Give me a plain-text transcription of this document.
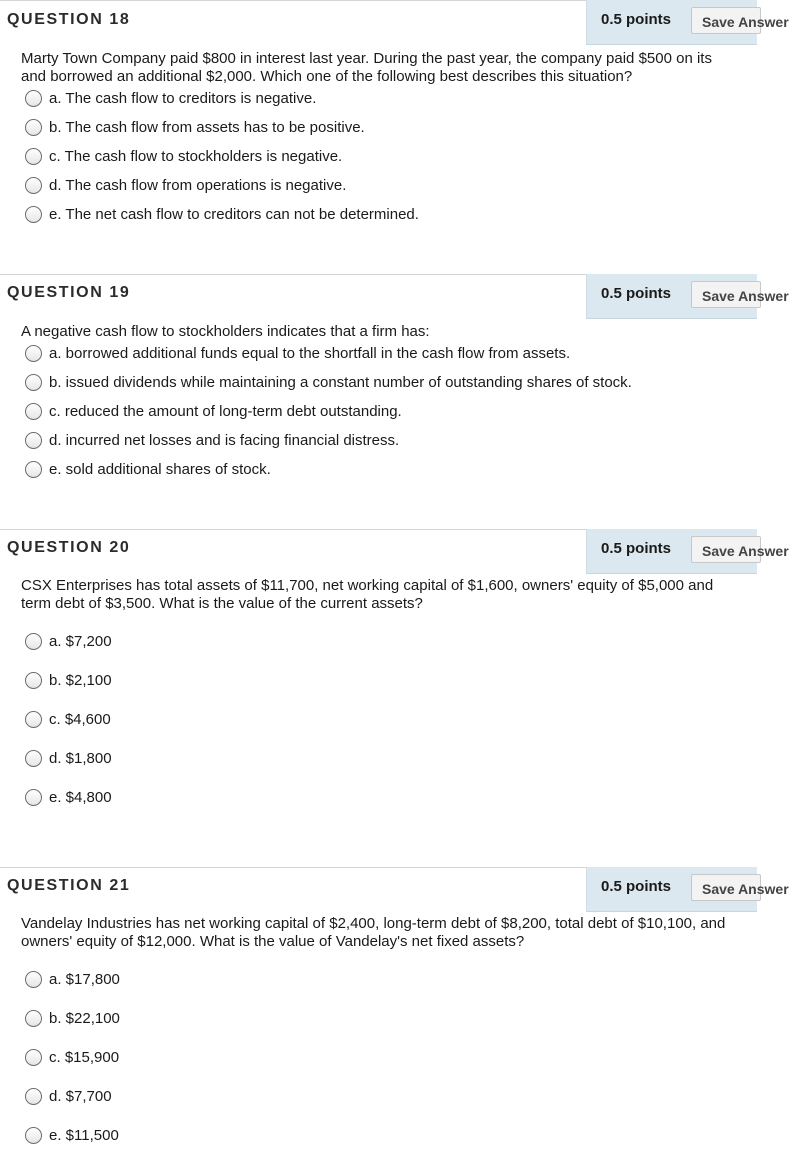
QUESTION 18	0.5 points	Save Answer
Marty Town Company paid $800 in interest last year. During the past year, the company paid $500 on its
and borrowed an additional $2,000. Which one of the following best describes this situation?
a. The cash flow to creditors is negative.
b. The cash flow from assets has to be positive.
c. The cash flow to stockholders is negative.
d. The cash flow from operations is negative.
e. The net cash flow to creditors can not be determined.
QUESTION 19	0.5 points	Save Answer
A negative cash flow to stockholders indicates that a firm has:
a. borrowed additional funds equal to the shortfall in the cash flow from assets.
b. issued dividends while maintaining a constant number of outstanding shares of stock.
c. reduced the amount of long-term debt outstanding.
d. incurred net losses and is facing financial distress.
e. sold additional shares of stock.
QUESTION 20	0.5 points	Save Answer
CSX Enterprises has total assets of $11,700, net working capital of $1,600, owners' equity of $5,000 and
term debt of $3,500. What is the value of the current assets?
a. $7,200
b. $2,100
c. $4,600
d. $1,800
e. $4,800
QUESTION 21	0.5 points	Save Answer
Vandelay Industries has net working capital of $2,400, long-term debt of $8,200, total debt of $10,100, and
owners' equity of $12,000. What is the value of Vandelay's net fixed assets?
a. $17,800
b. $22,100
c. $15,900
d. $7,700
e. $11,500
